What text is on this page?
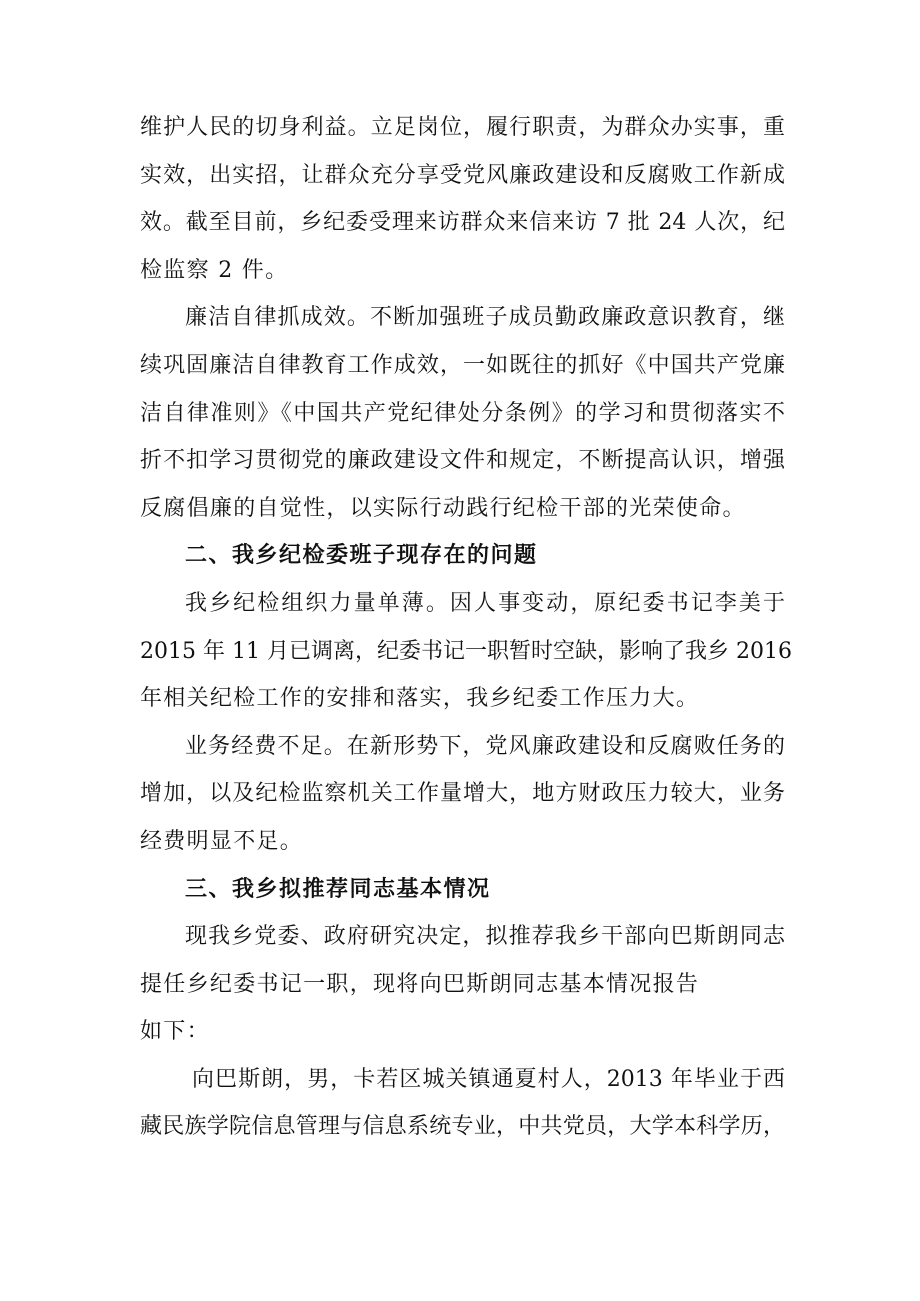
维护人民的切身利益。立足岗位，履行职责，为群众办实事，重
实效，出实招，让群众充分享受党风廉政建设和反腐败工作新成
效。截至目前，乡纪委受理来访群众来信来访 7 批 24 人次，纪
检监察 2 件。
廉洁自律抓成效。不断加强班子成员勤政廉政意识教育，继
续巩固廉洁自律教育工作成效，一如既往的抓好《中国共产党廉
洁自律准则》《中国共产党纪律处分条例》的学习和贯彻落实不
折不扣学习贯彻党的廉政建设文件和规定，不断提高认识，增强
反腐倡廉的自觉性，以实际行动践行纪检干部的光荣使命。
二、我乡纪检委班子现存在的问题
我乡纪检组织力量单薄。因人事变动，原纪委书记李美于
2015 年 11 月已调离，纪委书记一职暂时空缺，影响了我乡 2016
年相关纪检工作的安排和落实，我乡纪委工作压力大。
业务经费不足。在新形势下，党风廉政建设和反腐败任务的
增加，以及纪检监察机关工作量增大，地方财政压力较大，业务
经费明显不足。
三、我乡拟推荐同志基本情况
现我乡党委、政府研究决定，拟推荐我乡干部向巴斯朗同志
提任乡纪委书记一职，现将向巴斯朗同志基本情况报告
如下：
向巴斯朗，男，卡若区城关镇通夏村人，2013 年毕业于西
藏民族学院信息管理与信息系统专业，中共党员，大学本科学历，
